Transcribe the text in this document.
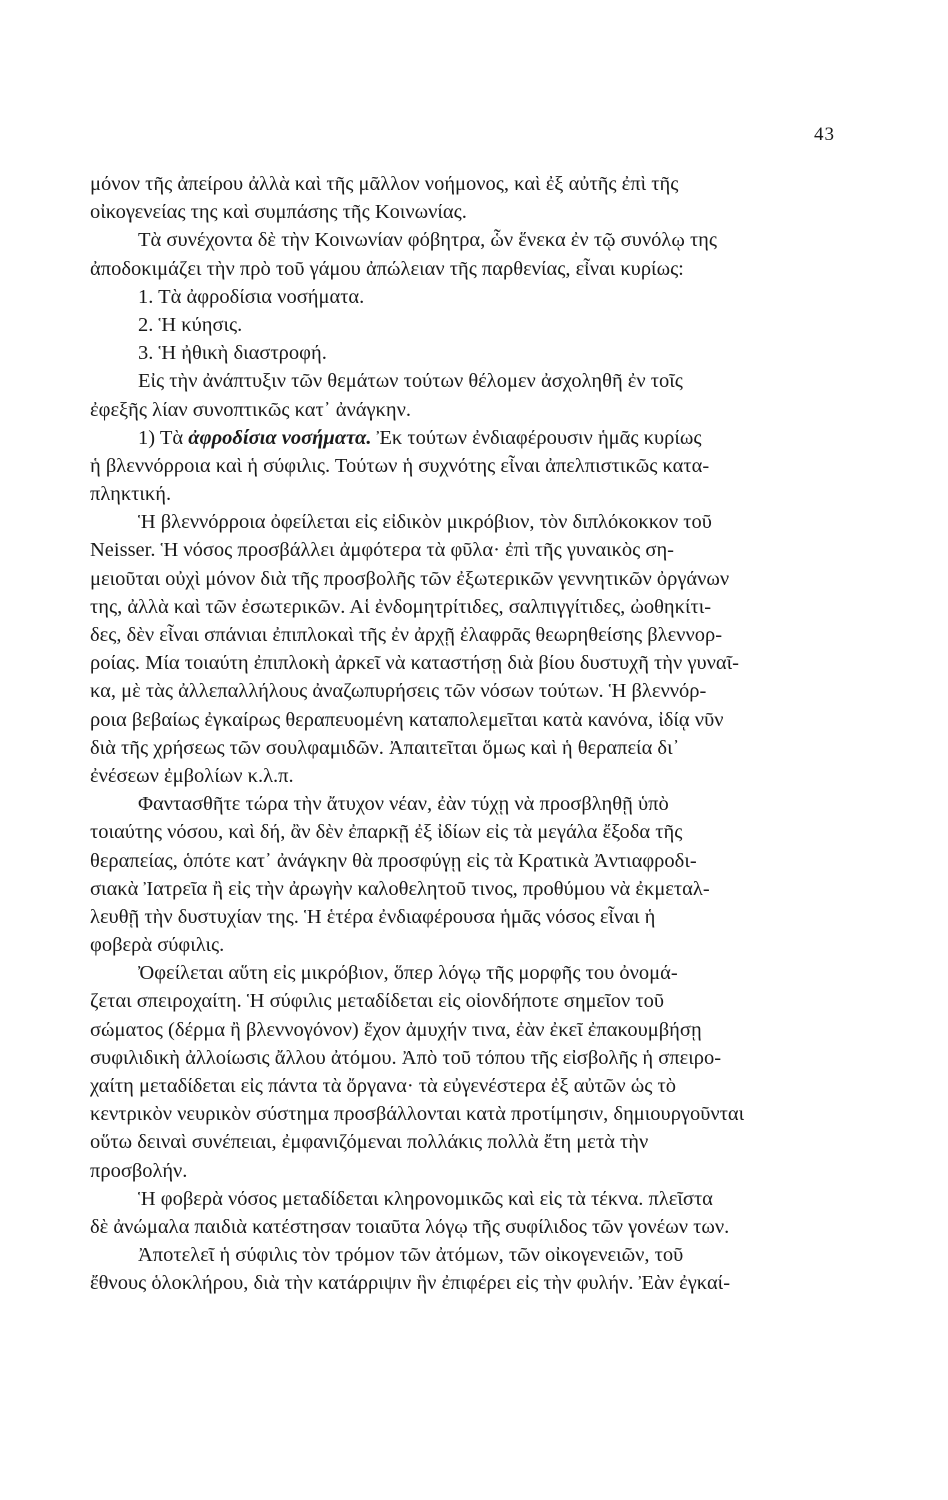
43
μόνον τῆς ἀπείρου ἀλλὰ καὶ τῆς μᾶλλον νοήμονος, καὶ ἐξ αὐτῆς ἐπὶ τῆς
οἰκογενείας της καὶ συμπάσης τῆς Κοινωνίας.
Τὰ συνέχοντα δὲ τὴν Κοινωνίαν φόβητρα, ὧν ἕνεκα ἐν τῷ συνόλῳ της
ἀποδοκιμάζει τὴν πρὸ τοῦ γάμου ἀπώλειαν τῆς παρθενίας, εἶναι κυρίως:
1. Τὰ ἀφροδίσια νοσήματα.
2. Ἡ κύησις.
3. Ἡ ἠθικὴ διαστροφή.
Εἰς τὴν ἀνάπτυξιν τῶν θεμάτων τούτων θέλομεν ἀσχοληθῆ ἐν τοῖς
ἐφεξῆς λίαν συνοπτικῶς κατ᾽ ἀνάγκην.
1) Τὰ ἀφροδίσια νοσήματα. Ἐκ τούτων ἐνδιαφέρουσιν ἡμᾶς κυρίως
ἡ βλεννόρροια καὶ ἡ σύφιλις. Τούτων ἡ συχνότης εἶναι ἀπελπιστικῶς κατα-
πληκτική.
Ἡ βλεννόρροια ὀφείλεται εἰς εἰδικὸν μικρόβιον, τὸν διπλόκοκκον τοῦ
Neisser. Ἡ νόσος προσβάλλει ἀμφότερα τὰ φῦλα· ἐπὶ τῆς γυναικὸς ση-
μειοῦται οὐχὶ μόνον διὰ τῆς προσβολῆς τῶν ἐξωτερικῶν γεννητικῶν ὀργάνων
της, ἀλλὰ καὶ τῶν ἐσωτερικῶν. Αἱ ἐνδομητρίτιδες, σαλπιγγίτιδες, ὠοθηκίτι-
δες, δὲν εἶναι σπάνιαι ἐπιπλοκαὶ τῆς ἐν ἀρχῇ ἐλαφρᾶς θεωρηθείσης βλεννορ-
ροίας. Μία τοιαύτη ἐπιπλοκὴ ἀρκεῖ νὰ καταστήσῃ διὰ βίου δυστυχῆ τὴν γυναῖ-
κα, μὲ τὰς ἀλλεπαλλήλους ἀναζωπυρήσεις τῶν νόσων τούτων. Ἡ βλεννόρ-
ροια βεβαίως ἐγκαίρως θεραπευομένη καταπολεμεῖται κατὰ κανόνα, ἰδίᾳ νῦν
διὰ τῆς χρήσεως τῶν σουλφαμιδῶν. Ἀπαιτεῖται ὅμως καὶ ἡ θεραπεία δι᾽
ἐνέσεων ἐμβολίων κ.λ.π.
Φαντασθῆτε τώρα τὴν ἄτυχον νέαν, ἐὰν τύχῃ νὰ προσβληθῇ ὑπὸ
τοιαύτης νόσου, καὶ δή, ἂν δὲν ἐπαρκῇ ἐξ ἰδίων εἰς τὰ μεγάλα ἔξοδα τῆς
θεραπείας, ὁπότε κατ᾽ ἀνάγκην θὰ προσφύγῃ εἰς τὰ Κρατικὰ Ἀντιαφροδι-
σιακὰ Ἰατρεῖα ἢ εἰς τὴν ἀρωγὴν καλοθελητοῦ τινος, προθύμου νὰ ἐκμεταλ-
λευθῇ τὴν δυστυχίαν της. Ἡ ἑτέρα ἐνδιαφέρουσα ἡμᾶς νόσος εἶναι ἡ
φοβερὰ σύφιλις.
Ὀφείλεται αὕτη εἰς μικρόβιον, ὅπερ λόγῳ τῆς μορφῆς του ὀνομά-
ζεται σπειροχαίτη. Ἡ σύφιλις μεταδίδεται εἰς οἱονδήποτε σημεῖον τοῦ
σώματος (δέρμα ἢ βλεννογόνον) ἔχον ἀμυχήν τινα, ἐὰν ἐκεῖ ἐπακουμβήσῃ
συφιλιδικὴ ἀλλοίωσις ἄλλου ἀτόμου. Ἀπὸ τοῦ τόπου τῆς εἰσβολῆς ἡ σπειρο-
χαίτη μεταδίδεται εἰς πάντα τὰ ὄργανα· τὰ εὐγενέστερα ἐξ αὐτῶν ὡς τὸ
κεντρικὸν νευρικὸν σύστημα προσβάλλονται κατὰ προτίμησιν, δημιουργοῦνται
οὕτω δειναὶ συνέπειαι, ἐμφανιζόμεναι πολλάκις πολλὰ ἔτη μετὰ τὴν
προσβολήν.
Ἡ φοβερὰ νόσος μεταδίδεται κληρονομικῶς καὶ εἰς τὰ τέκνα. πλεῖστα
δὲ ἀνώμαλα παιδιὰ κατέστησαν τοιαῦτα λόγῳ τῆς συφίλιδος τῶν γονέων των.
Ἀποτελεῖ ἡ σύφιλις τὸν τρόμον τῶν ἀτόμων, τῶν οἰκογενειῶν, τοῦ
ἔθνους ὁλοκλήρου, διὰ τὴν κατάρριψιν ἣν ἐπιφέρει εἰς τὴν φυλήν. Ἐὰν ἐγκαί-
